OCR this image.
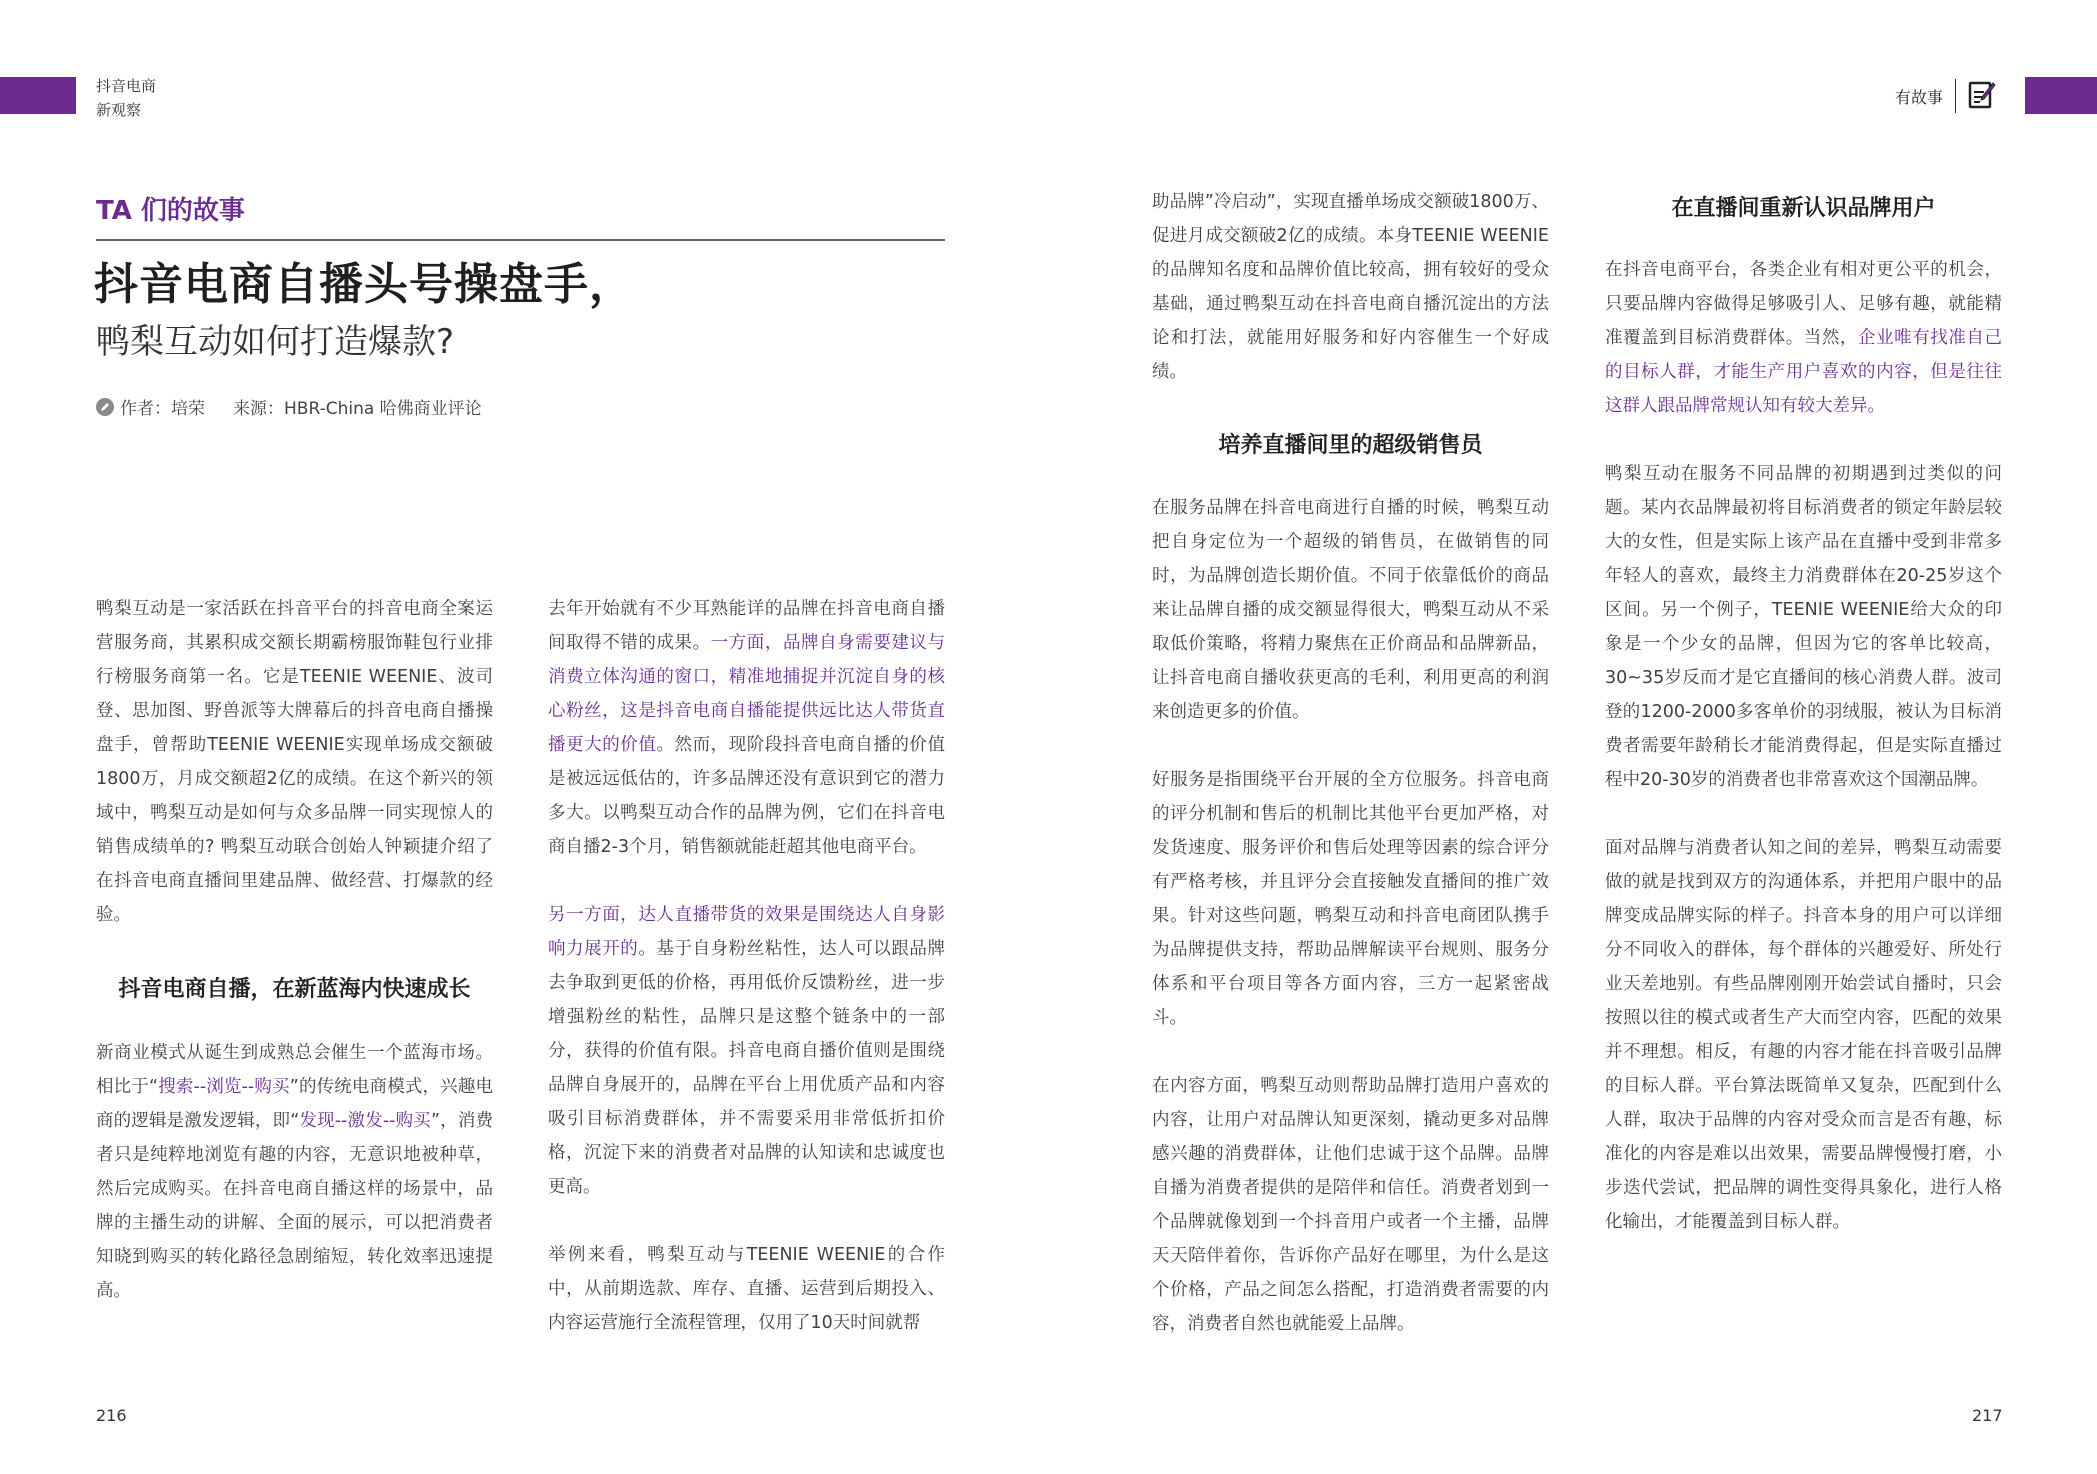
抖音电商
新观察
TA 们的故事
抖音电商自播头号操盘手，
鸭梨互动如何打造爆款?
作者：培荣 来源：HBR-China 哈佛商业评论

鸭梨互动是一家活跃在抖音平台的抖音电商全案运营服务商，其累积成交额长期霸榜服饰鞋包行业排行榜服务商第一名。它是TEENIE WEENIE、波司登、思加图、野兽派等大牌幕后的抖音电商自播操盘手，曾帮助TEENIE WEENIE实现单场成交额破1800万，月成交额超2亿的成绩。在这个新兴的领域中，鸭梨互动是如何与众多品牌一同实现惊人的销售成绩单的? 鸭梨互动联合创始人钟颖捷介绍了在抖音电商直播间里建品牌、做经营、打爆款的经验。

抖音电商自播，在新蓝海内快速成长

新商业模式从诞生到成熟总会催生一个蓝海市场。相比于“搜索--浏览--购买”的传统电商模式，兴趣电商的逻辑是激发逻辑，即“发现--激发--购买”，消费者只是纯粹地浏览有趣的内容，无意识地被种草，然后完成购买。在抖音电商自播这样的场景中，品牌的主播生动的讲解、全面的展示，可以把消费者知晓到购买的转化路径急剧缩短，转化效率迅速提高。

去年开始就有不少耳熟能详的品牌在抖音电商自播间取得不错的成果。一方面，品牌自身需要建议与消费立体沟通的窗口，精准地捕捉并沉淀自身的核心粉丝，这是抖音电商自播能提供远比达人带货直播更大的价值。然而，现阶段抖音电商自播的价值是被远远低估的，许多品牌还没有意识到它的潜力多大。以鸭梨互动合作的品牌为例，它们在抖音电商自播2-3个月，销售额就能赶超其他电商平台。

另一方面，达人直播带货的效果是围绕达人自身影响力展开的。基于自身粉丝粘性，达人可以跟品牌去争取到更低的价格，再用低价反馈粉丝，进一步增强粉丝的粘性，品牌只是这整个链条中的一部分，获得的价值有限。抖音电商自播价值则是围绕品牌自身展开的，品牌在平台上用优质产品和内容吸引目标消费群体，并不需要采用非常低折扣价格，沉淀下来的消费者对品牌的认知读和忠诚度也更高。

举例来看，鸭梨互动与TEENIE WEENIE的合作中，从前期选款、库存、直播、运营到后期投入、内容运营施行全流程管理，仅用了10天时间就帮

216
有故事

助品牌”冷启动”，实现直播单场成交额破1800万、促进月成交额破2亿的成绩。本身TEENIE WEENIE的品牌知名度和品牌价值比较高，拥有较好的受众基础，通过鸭梨互动在抖音电商自播沉淀出的方法论和打法，就能用好服务和好内容催生一个好成绩。

培养直播间里的超级销售员

在服务品牌在抖音电商进行自播的时候，鸭梨互动把自身定位为一个超级的销售员，在做销售的同时，为品牌创造长期价值。不同于依靠低价的商品来让品牌自播的成交额显得很大，鸭梨互动从不采取低价策略，将精力聚焦在正价商品和品牌新品，让抖音电商自播收获更高的毛利，利用更高的利润来创造更多的价值。

好服务是指围绕平台开展的全方位服务。抖音电商的评分机制和售后的机制比其他平台更加严格，对发货速度、服务评价和售后处理等因素的综合评分有严格考核，并且评分会直接触发直播间的推广效果。针对这些问题，鸭梨互动和抖音电商团队携手为品牌提供支持，帮助品牌解读平台规则、服务分体系和平台项目等各方面内容，三方一起紧密战斗。

在内容方面，鸭梨互动则帮助品牌打造用户喜欢的内容，让用户对品牌认知更深刻，撬动更多对品牌感兴趣的消费群体，让他们忠诚于这个品牌。品牌自播为消费者提供的是陪伴和信任。消费者划到一个品牌就像划到一个抖音用户或者一个主播，品牌天天陪伴着你，告诉你产品好在哪里，为什么是这个价格，产品之间怎么搭配，打造消费者需要的内容，消费者自然也就能爱上品牌。

在直播间重新认识品牌用户

在抖音电商平台，各类企业有相对更公平的机会，只要品牌内容做得足够吸引人、足够有趣，就能精准覆盖到目标消费群体。当然，企业唯有找准自己的目标人群，才能生产用户喜欢的内容，但是往往这群人跟品牌常规认知有较大差异。

鸭梨互动在服务不同品牌的初期遇到过类似的问题。某内衣品牌最初将目标消费者的锁定年龄层较大的女性，但是实际上该产品在直播中受到非常多年轻人的喜欢，最终主力消费群体在20-25岁这个区间。另一个例子，TEENIE WEENIE给大众的印象是一个少女的品牌，但因为它的客单比较高，30~35岁反而才是它直播间的核心消费人群。波司登的1200-2000多客单价的羽绒服，被认为目标消费者需要年龄稍长才能消费得起，但是实际直播过程中20-30岁的消费者也非常喜欢这个国潮品牌。

面对品牌与消费者认知之间的差异，鸭梨互动需要做的就是找到双方的沟通体系，并把用户眼中的品牌变成品牌实际的样子。抖音本身的用户可以详细分不同收入的群体，每个群体的兴趣爱好、所处行业天差地别。有些品牌刚刚开始尝试自播时，只会按照以往的模式或者生产大而空内容，匹配的效果并不理想。相反，有趣的内容才能在抖音吸引品牌的目标人群。平台算法既简单又复杂，匹配到什么人群，取决于品牌的内容对受众而言是否有趣，标准化的内容是难以出效果，需要品牌慢慢打磨，小步迭代尝试，把品牌的调性变得具象化，进行人格化输出，才能覆盖到目标人群。

217
